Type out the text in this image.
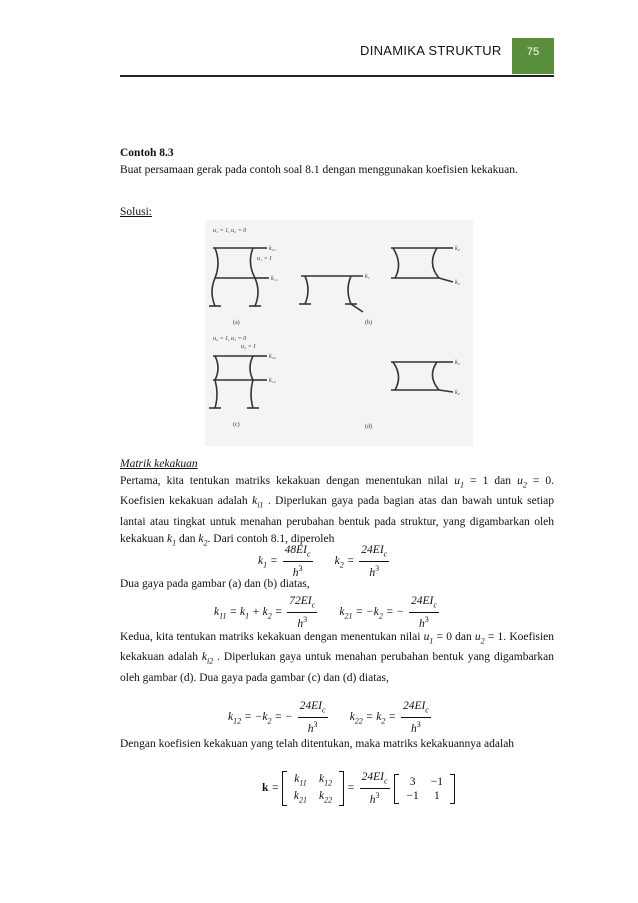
DINAMIKA STRUKTUR	75
Contoh 8.3
Buat persamaan gerak pada contoh soal 8.1 dengan menggunakan koefisien kekakuan.
Solusi:
u₁ = 1, u₂ = 0
k₂₁
u₁ = 1
k₁₁
(a)
k₁
(b)
k₂
k₂
u₂ = 1, u₁ = 0
u₂ = 1
k₂₂
k₁₂
(c)
k₂
k₂
(d)
Matrik kekakuan
Pertama, kita tentukan matriks kekakuan dengan menentukan nilai $u_1 = 1$ dan $u_2 = 0$. Koefisien kekakuan adalah $k_{i1}$ . Diperlukan gaya pada bagian atas dan bawah untuk setiap lantai atau tingkat untuk menahan perubahan bentuk pada struktur, yang digambarkan oleh kekakuan $k_1$ dan $k_2$. Dari contoh 8.1, diperoleh
$k_1 = \frac{48EI_c}{h^3} k_2 = \frac{24EI_c}{h^3}$
Dua gaya pada gambar (a) dan (b) diatas,
$k_{11} = k_1 + k_2 = \frac{72EI_c}{h^3} k_{21} = -k_2$ = − $\frac{24EI_c}{h^3}$
Kedua, kita tentukan matriks kekakuan dengan menentukan nilai $u_1 = 0$ dan $u_2 = 1$. Koefisien kekakuan adalah $k_{i2}$ . Diperlukan gaya untuk menahan perubahan bentuk yang digambarkan oleh gambar (d). Dua gaya pada gambar (c) dan (d) diatas,
$k_{12} = -k_2$ = − $\frac{24EI_c}{h^3} k_{22} = k_2 = \frac{24EI_c}{h^3}$
Dengan koefisien kekakuan yang telah ditentukan, maka matriks kekakuannya adalah
k =
$k_{11}$	$k_{12}$
$k_{21}$	$k_{22}$
= $\frac{24EI_c}{h^3}$
3	−1
−1	1
